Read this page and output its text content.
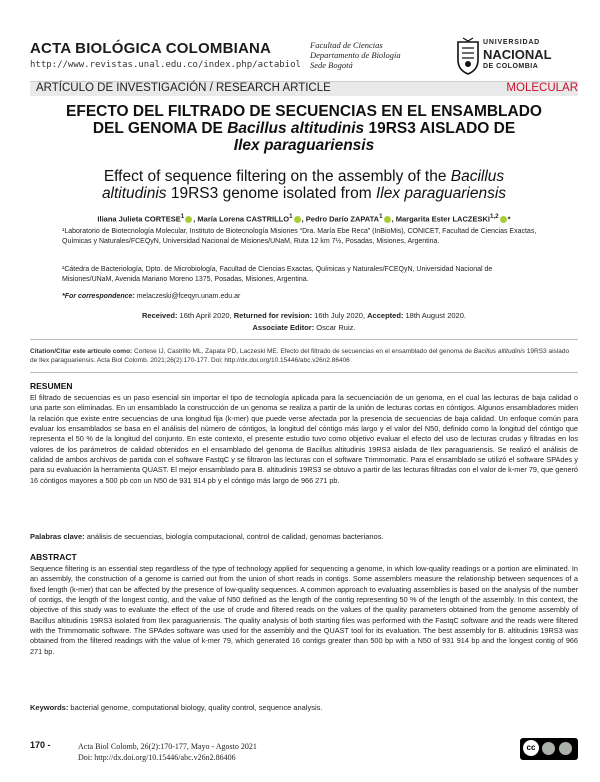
ACTA BIOLÓGICA COLOMBIANA
http://www.revistas.unal.edu.co/index.php/actabiol
Facultad de Ciencias
Departamento de Biología
Sede Bogotá
UNIVERSIDAD
NACIONAL
DE COLOMBIA
ARTÍCULO DE INVESTIGACIÓN / RESEARCH ARTICLE	MOLECULAR
EFECTO DEL FILTRADO DE SECUENCIAS EN EL ENSAMBLADO
DEL GENOMA DE Bacillus altitudinis 19RS3 AISLADO DE
Ilex paraguariensis
Effect of sequence filtering on the assembly of the Bacillus
altitudinis 19RS3 genome isolated from Ilex paraguariensis
Iliana Julieta CORTESE$^1$ , María Lorena CASTRILLO$^1$ , Pedro Darío ZAPATA$^1$ , Margarita Ester LACZESKI$^{1,2}$ *
¹Laboratorio de Biotecnología Molecular, Instituto de Biotecnología Misiones “Dra. María Ebe Reca” (InBioMis), CONICET, Facultad de Ciencias Exactas, Químicas y Naturales/FCEQyN, Universidad Nacional de Misiones/UNaM, Ruta 12 km 7½, Posadas, Misiones, Argentina.
²Cátedra de Bacteriología, Dpto. de Microbiología, Facultad de Ciencias Exactas, Químicas y Naturales/FCEQyN, Universidad Nacional de Misiones/UNaM, Avenida Mariano Moreno 1375, Posadas, Misiones, Argentina.
*For correspondence: melaczeski@fceqyn.unam.edu.ar
Received: 16th April 2020, Returned for revision: 16th July 2020, Accepted: 18th August 2020.
Associate Editor: Oscar Ruiz.
Citation/Citar este artículo como: Cortese IJ, Castrillo ML, Zapata PD, Laczeski ME. Efecto del filtrado de secuencias en el ensamblado del genoma de Bacillus altitudinis 19RS3 aislado de Ilex paraguariensis. Acta Biol Colomb. 2021;26(2):170-177. Doi: http://dx.doi.org/10.15446/abc.v26n2.86406
RESUMEN
El filtrado de secuencias es un paso esencial sin importar el tipo de tecnología aplicada para la secuenciación de un genoma, en el cual las lecturas de baja calidad o una parte son eliminadas. En un ensamblado la construcción de un genoma se realiza a partir de la unión de lecturas cortas en cóntigos. Algunos ensambladores miden la relación que existe entre secuencias de una longitud fija (k-mer) que puede verse afectada por la presencia de secuencias de baja calidad. Un enfoque común para evaluar los ensamblados se basa en el análisis del número de cóntigos, la longitud del cóntigo más largo y el valor del N50, definido como la longitud del cóntigo que representa el 50 % de la longitud del conjunto. En este contexto, el presente estudio tuvo como objetivo evaluar el efecto del uso de lecturas crudas y filtradas en los valores de los parámetros de calidad obtenidos en el ensamblado del genoma de Bacillus altitudinis 19RS3 aislada de Ilex paraguariensis. Se realizó el análisis de calidad de ambos archivos de partida con el software FastqC y se filtraron las lecturas con el software Trimmomatic. Para el ensamblado se utilizó el software SPAdes y para su evaluación la herramienta QUAST. El mejor ensamblado para B. altitudinis 19RS3 se obtuvo a partir de las lecturas filtradas con el valor de k-mer 79, que generó 16 cóntigos mayores a 500 pb con un N50 de 931 914 pb y el cóntigo más largo de 966 271 pb.
Palabras clave: análisis de secuencias, biología computacional, control de calidad, genomas bacterianos.
ABSTRACT
Sequence filtering is an essential step regardless of the type of technology applied for sequencing a genome, in which low-quality readings or a portion are eliminated. In an assembly, the construction of a genome is carried out from the union of short reads in contigs. Some assemblers measure the relationship between sequences of a fixed length (k-mer) that can be affected by the presence of low-quality sequences. A common approach to evaluating assemblies is based on the analysis of the number of contigs, the length of the longest contig, and the value of N50 defined as the length of the contig representing 50 % of the length of the assembly. In this context, the objective of this study was to evaluate the effect of the use of crude and filtered reads on the values of the quality parameters obtained from the genome assembly of Bacillus altitudinis 19RS3 isolated from Ilex paraguariensis. The quality analysis of both starting files was performed with the FastqC software and the reads were filtered with the Trimmomatic software. The SPAdes software was used for the assembly and the QUAST tool for its evaluation. The best assembly for B. altitudinis 19RS3 was obtained from the filtered readings with the value of k-mer 79, which generated 16 contigs greater than 500 bp with a N50 of 931 914 bp and the longest contig of 966 271 bp.
Keywords: bacterial genome, computational biology, quality control, sequence analysis.
170 -	Acta Biol Colomb, 26(2):170-177, Mayo - Agosto 2021
Doi: http://dx.doi.org/10.15446/abc.v26n2.86406
cc
